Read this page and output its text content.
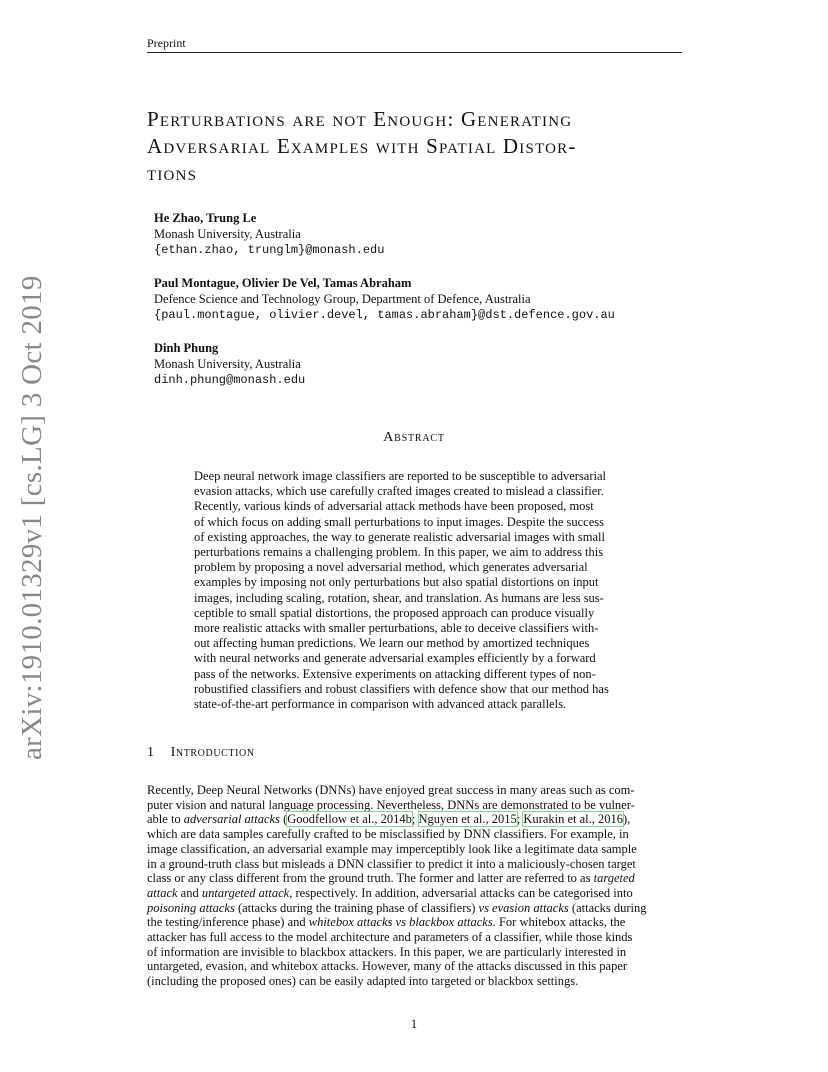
Preprint
arXiv:1910.01329v1 [cs.LG] 3 Oct 2019
Perturbations are not Enough: Generating
Adversarial Examples with Spatial Distor-
tions
He Zhao, Trung Le
Monash University, Australia
{ethan.zhao, trunglm}@monash.edu
Paul Montague, Olivier De Vel, Tamas Abraham
Defence Science and Technology Group, Department of Defence, Australia
{paul.montague, olivier.devel, tamas.abraham}@dst.defence.gov.au
Dinh Phung
Monash University, Australia
dinh.phung@monash.edu
Abstract
Deep neural network image classifiers are reported to be susceptible to adversarial
evasion attacks, which use carefully crafted images created to mislead a classifier.
Recently, various kinds of adversarial attack methods have been proposed, most
of which focus on adding small perturbations to input images. Despite the success
of existing approaches, the way to generate realistic adversarial images with small
perturbations remains a challenging problem. In this paper, we aim to address this
problem by proposing a novel adversarial method, which generates adversarial
examples by imposing not only perturbations but also spatial distortions on input
images, including scaling, rotation, shear, and translation. As humans are less sus-
ceptible to small spatial distortions, the proposed approach can produce visually
more realistic attacks with smaller perturbations, able to deceive classifiers with-
out affecting human predictions. We learn our method by amortized techniques
with neural networks and generate adversarial examples efficiently by a forward
pass of the networks. Extensive experiments on attacking different types of non-
robustified classifiers and robust classifiers with defence show that our method has
state-of-the-art performance in comparison with advanced attack parallels.
1 Introduction
Recently, Deep Neural Networks (DNNs) have enjoyed great success in many areas such as com-
puter vision and natural language processing. Nevertheless, DNNs are demonstrated to be vulner-
able to adversarial attacks (Goodfellow et al., 2014b; Nguyen et al., 2015; Kurakin et al., 2016),
which are data samples carefully crafted to be misclassified by DNN classifiers. For example, in
image classification, an adversarial example may imperceptibly look like a legitimate data sample
in a ground-truth class but misleads a DNN classifier to predict it into a maliciously-chosen target
class or any class different from the ground truth. The former and latter are referred to as targeted
attack and untargeted attack, respectively. In addition, adversarial attacks can be categorised into
poisoning attacks (attacks during the training phase of classifiers) vs evasion attacks (attacks during
the testing/inference phase) and whitebox attacks vs blackbox attacks. For whitebox attacks, the
attacker has full access to the model architecture and parameters of a classifier, while those kinds
of information are invisible to blackbox attackers. In this paper, we are particularly interested in
untargeted, evasion, and whitebox attacks. However, many of the attacks discussed in this paper
(including the proposed ones) can be easily adapted into targeted or blackbox settings.
1
